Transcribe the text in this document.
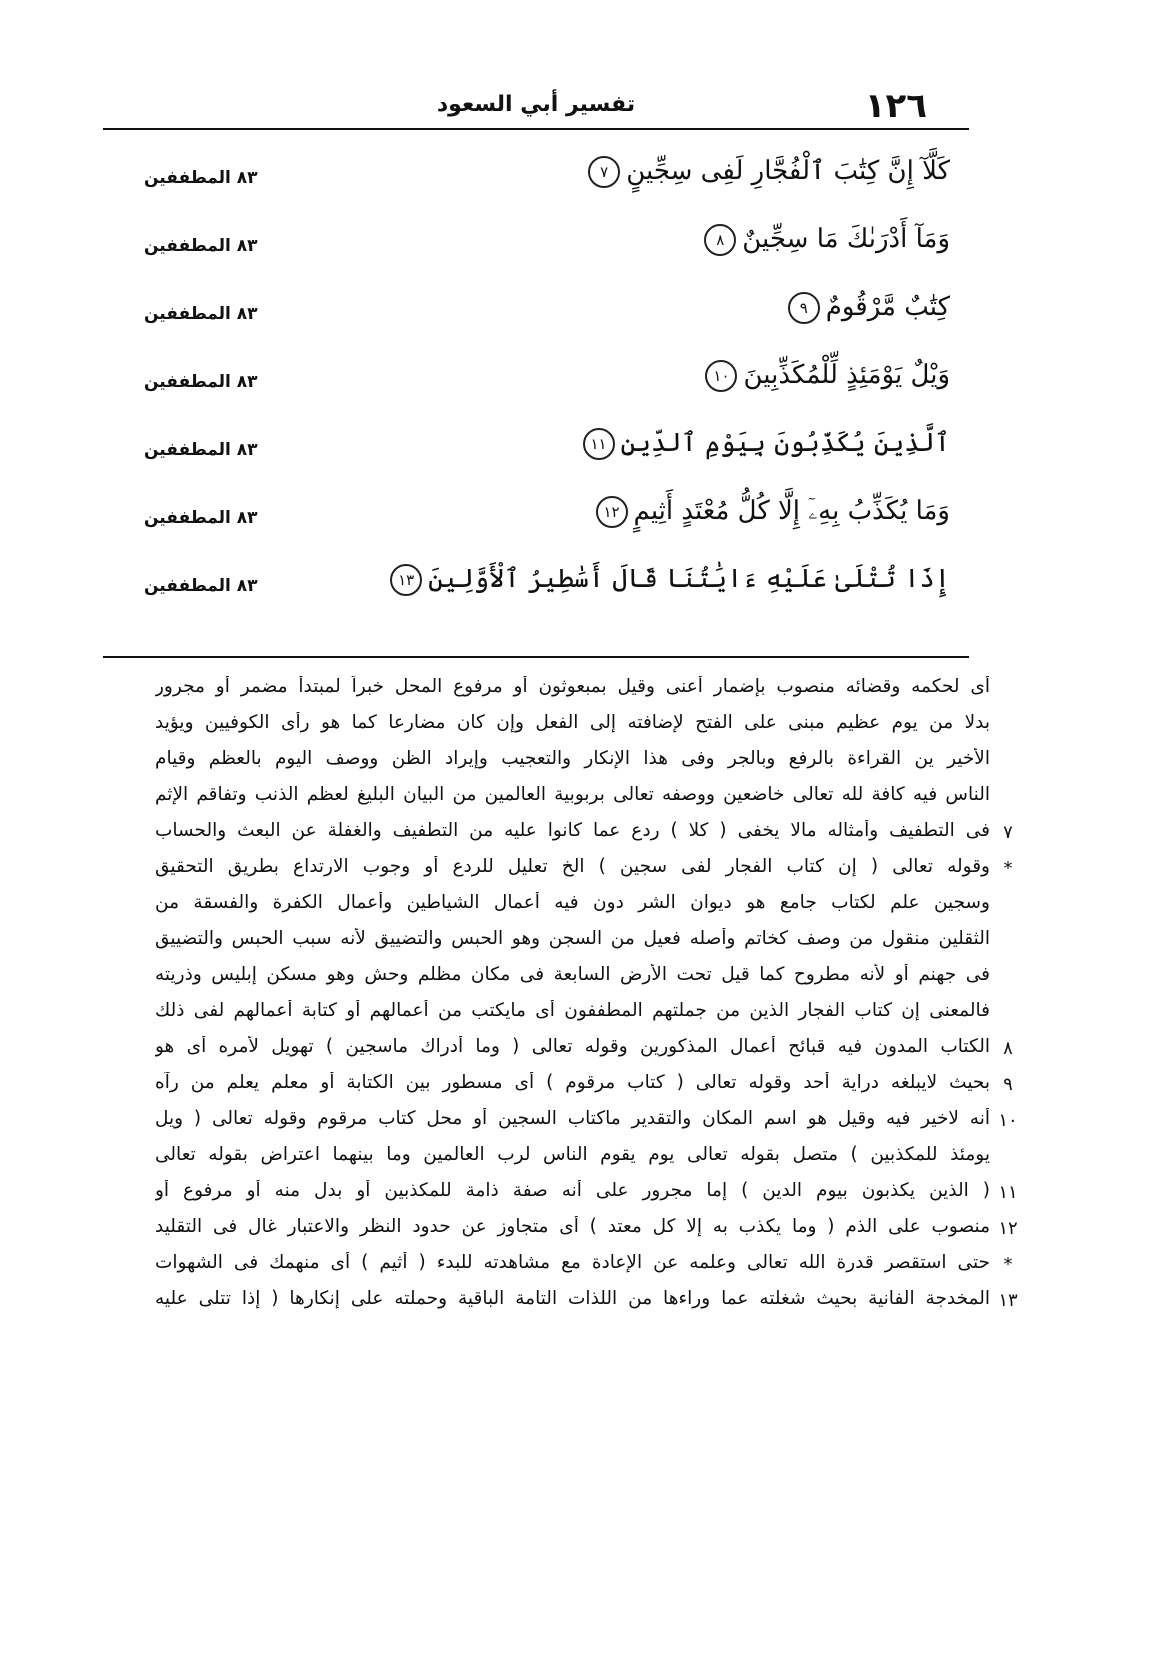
تفسير أبي السعود	١٢٦
كَلَّآ إِنَّ كِتَٰبَ ٱلْفُجَّارِ لَفِى سِجِّينٍ٧
٨٣ المطففين
وَمَآ أَدْرَىٰكَ مَا سِجِّينٌ٨
٨٣ المطففين
كِتَٰبٌ مَّرْقُومٌ٩
٨٣ المطففين
وَيْلٌ يَوْمَئِذٍ لِّلْمُكَذِّبِينَ١٠
٨٣ المطففين
ٱلَّذِينَ يُكَذِّبُونَ بِيَوْمِ ٱلدِّينِ١١
٨٣ المطففين
وَمَا يُكَذِّبُ بِهِۦٓ إِلَّا كُلُّ مُعْتَدٍ أَثِيمٍ١٢
٨٣ المطففين
إِذَا تُتْلَىٰ عَلَيْهِ ءَايَٰتُنَا قَالَ أَسَٰطِيرُ ٱلْأَوَّلِينَ١٣
٨٣ المطففين
أى لحكمه وقضائه منصوب بإضمار أعنى وقيل بمبعوثون أو مرفوع المحل خبراً لمبتدأ مضمر أو مجرور
بدلا من يوم عظيم مبنى على الفتح لإضافته إلى الفعل وإن كان مضارعا كما هو رأى الكوفيين ويؤيد
الأخير ين القراءة بالرفع وبالجر وفى هذا الإنكار والتعجيب وإيراد الظن ووصف اليوم بالعظم وقيام
الناس فيه كافة لله تعالى خاضعين ووصفه تعالى بربوبية العالمين من البيان البليغ لعظم الذنب وتفاقم الإثم
٧
فى التطفيف وأمثاله مالا يخفى ( كلا ) ردع عما كانوا عليه من التطفيف والغفلة عن البعث والحساب
*
وقوله تعالى ( إن كتاب الفجار لفى سجين ) الخ تعليل للردع أو وجوب الارتداع بطريق التحقيق
وسجين علم لكتاب جامع هو ديوان الشر دون فيه أعمال الشياطين وأعمال الكفرة والفسقة من
الثقلين منقول من وصف كخاتم وأصله فعيل من السجن وهو الحبس والتضييق لأنه سبب الحبس والتضييق
فى جهنم أو لأنه مطروح كما قيل تحت الأرض السابعة فى مكان مظلم وحش وهو مسكن إبليس وذريته
فالمعنى إن كتاب الفجار الذين من جملتهم المطففون أى مايكتب من أعمالهم أو كتابة أعمالهم لفى ذلك
٨
الكتاب المدون فيه قبائح أعمال المذكورين وقوله تعالى ( وما أدراك ماسجين ) تهويل لأمره أى هو
٩
بحيث لايبلغه دراية أحد وقوله تعالى ( كتاب مرقوم ) أى مسطور بين الكتابة أو معلم يعلم من رآه
١٠
أنه لاخير فيه وقيل هو اسم المكان والتقدير ماكتاب السجين أو محل كتاب مرقوم وقوله تعالى ( ويل
يومئذ للمكذبين ) متصل بقوله تعالى يوم يقوم الناس لرب العالمين وما بينهما اعتراض بقوله تعالى
١١
( الذين يكذبون بيوم الدين ) إما مجرور على أنه صفة ذامة للمكذبين أو بدل منه أو مرفوع أو
١٢
منصوب على الذم ( وما يكذب به إلا كل معتد ) أى متجاوز عن حدود النظر والاعتبار غال فى التقليد
*
حتى استقصر قدرة الله تعالى وعلمه عن الإعادة مع مشاهدته للبدء ( أثيم ) أى منهمك فى الشهوات
١٣
المخدجة الفانية بحيث شغلته عما وراءها من اللذات التامة الباقية وحملته على إنكارها ( إذا تتلى عليه
